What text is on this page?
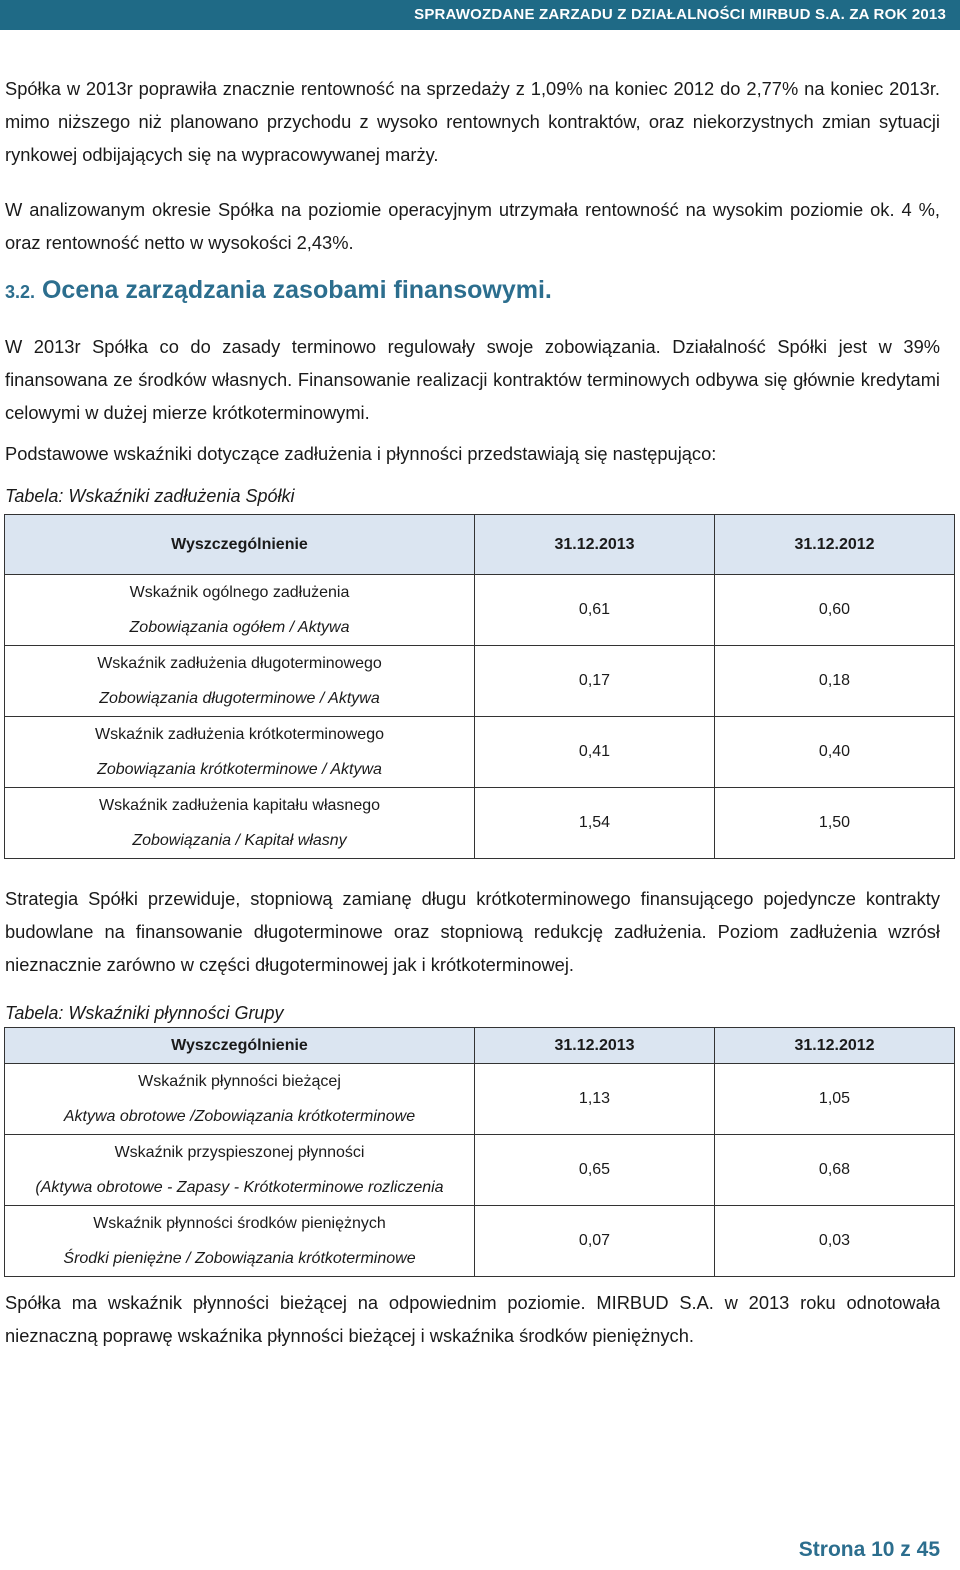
SPRAWOZDANE ZARZADU Z DZIAŁALNOŚCI MIRBUD S.A. ZA ROK 2013

Spółka w 2013r poprawiła znacznie rentowność na sprzedaży z 1,09% na koniec 2012 do 2,77% na koniec 2013r. mimo niższego niż planowano przychodu z wysoko rentownych kontraktów, oraz niekorzystnych zmian sytuacji rynkowej odbijających się na wypracowywanej marży.

W analizowanym okresie Spółka na poziomie operacyjnym utrzymała rentowność na wysokim poziomie ok. 4 %, oraz rentowność netto w wysokości 2,43%.

3.2. Ocena zarządzania zasobami finansowymi.

W 2013r Spółka co do zasady terminowo regulowały swoje zobowiązania. Działalność Spółki jest w 39% finansowana ze środków własnych. Finansowanie realizacji kontraktów terminowych odbywa się głównie kredytami celowymi w dużej mierze krótkoterminowymi.

Podstawowe wskaźniki dotyczące zadłużenia i płynności przedstawiają się następująco:

Tabela: Wskaźniki zadłużenia Spółki

Wyszczególnienie	31.12.2013	31.12.2012

Wskaźnik ogólnego zadłużenia
Zobowiązania ogółem / Aktywa	0,61	0,60

Wskaźnik zadłużenia długoterminowego
Zobowiązania długoterminowe / Aktywa	0,17	0,18

Wskaźnik zadłużenia krótkoterminowego
Zobowiązania krótkoterminowe / Aktywa	0,41	0,40

Wskaźnik zadłużenia kapitału własnego
Zobowiązania / Kapitał własny	1,54	1,50

Strategia Spółki przewiduje, stopniową zamianę długu krótkoterminowego finansującego pojedyncze kontrakty budowlane na finansowanie długoterminowe oraz stopniową redukcję zadłużenia. Poziom zadłużenia wzrósł nieznacznie zarówno w części długoterminowej jak i krótkoterminowej.

Tabela: Wskaźniki płynności Grupy

Wyszczególnienie	31.12.2013	31.12.2012

Wskaźnik płynności bieżącej
Aktywa obrotowe /Zobowiązania krótkoterminowe	1,13	1,05

Wskaźnik przyspieszonej płynności
(Aktywa obrotowe - Zapasy - Krótkoterminowe rozliczenia	0,65	0,68

Wskaźnik płynności środków pieniężnych
Środki pieniężne / Zobowiązania krótkoterminowe	0,07	0,03

Spółka ma wskaźnik płynności bieżącej na odpowiednim poziomie. MIRBUD S.A. w 2013 roku odnotowała nieznaczną poprawę wskaźnika płynności bieżącej i wskaźnika środków pieniężnych.

Strona 10 z 45
